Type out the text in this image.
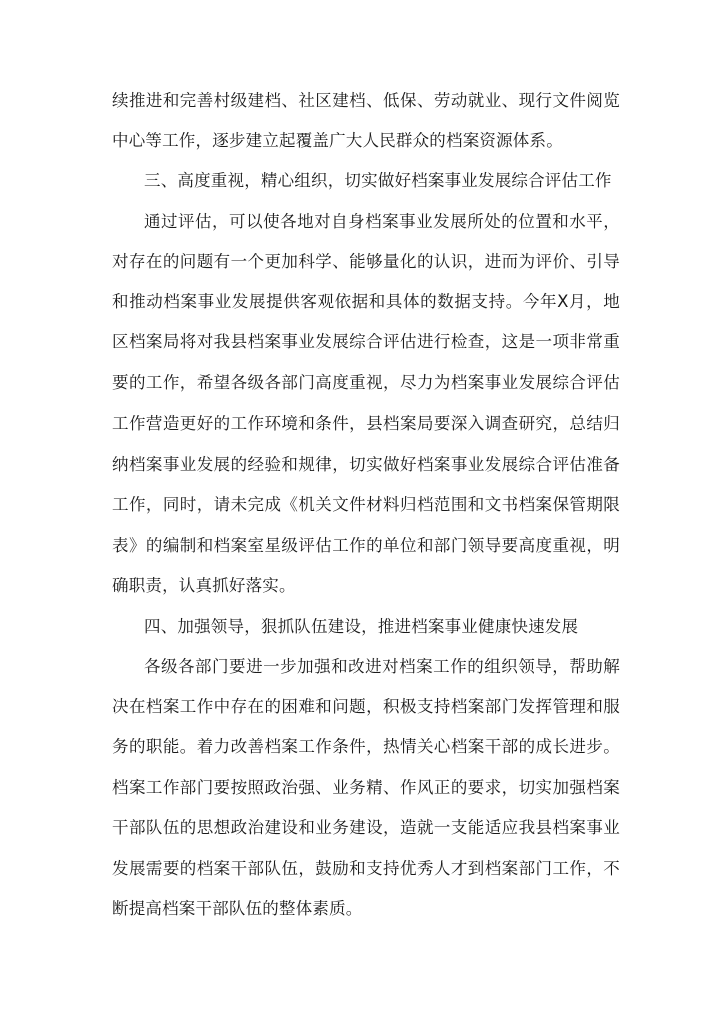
续推进和完善村级建档、社区建档、低保、劳动就业、现行文件阅览
中心等工作，逐步建立起覆盖广大人民群众的档案资源体系。
三、高度重视，精心组织，切实做好档案事业发展综合评估工作
通过评估，可以使各地对自身档案事业发展所处的位置和水平，
对存在的问题有一个更加科学、能够量化的认识，进而为评价、引导
和推动档案事业发展提供客观依据和具体的数据支持。今年X月，地
区档案局将对我县档案事业发展综合评估进行检查，这是一项非常重
要的工作，希望各级各部门高度重视，尽力为档案事业发展综合评估
工作营造更好的工作环境和条件，县档案局要深入调查研究，总结归
纳档案事业发展的经验和规律，切实做好档案事业发展综合评估准备
工作，同时，请未完成《机关文件材料归档范围和文书档案保管期限
表》的编制和档案室星级评估工作的单位和部门领导要高度重视，明
确职责，认真抓好落实。
四、加强领导，狠抓队伍建设，推进档案事业健康快速发展
各级各部门要进一步加强和改进对档案工作的组织领导，帮助解
决在档案工作中存在的困难和问题，积极支持档案部门发挥管理和服
务的职能。着力改善档案工作条件，热情关心档案干部的成长进步。
档案工作部门要按照政治强、业务精、作风正的要求，切实加强档案
干部队伍的思想政治建设和业务建设，造就一支能适应我县档案事业
发展需要的档案干部队伍，鼓励和支持优秀人才到档案部门工作，不
断提高档案干部队伍的整体素质。
